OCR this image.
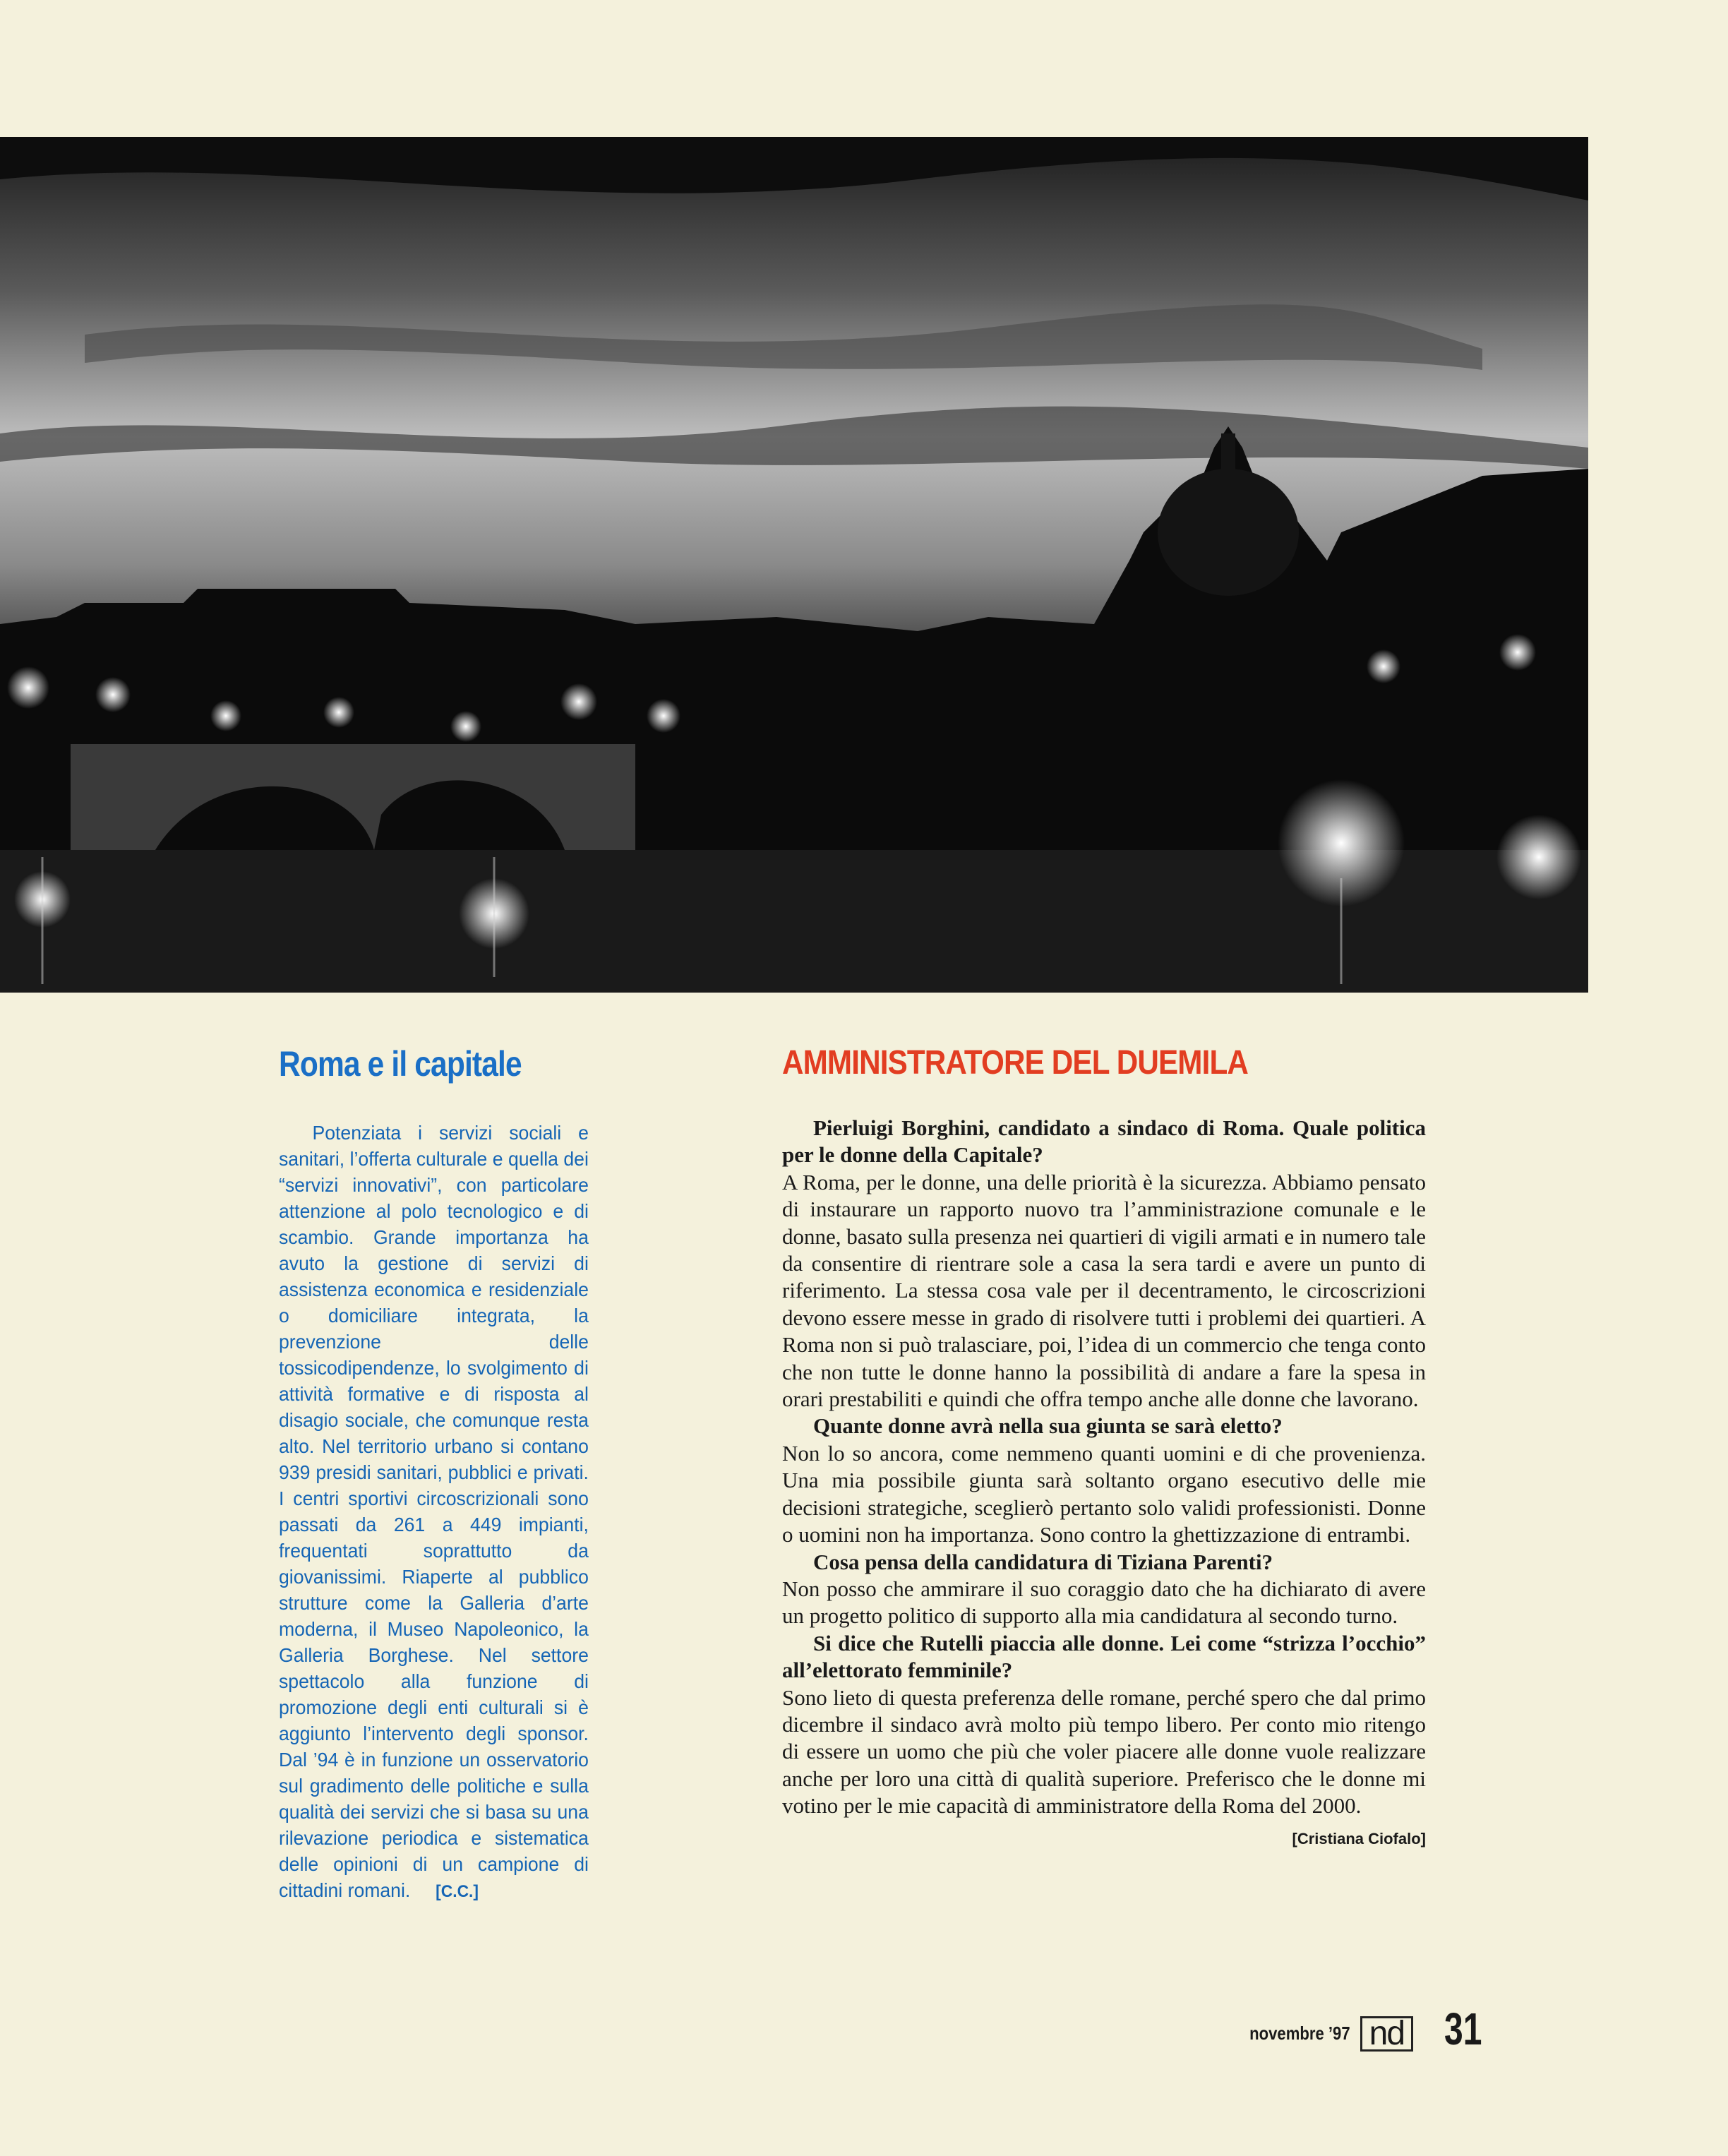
Roma e il capitale

Potenziata i servizi sociali e sanitari, l’offerta culturale e quella dei “servizi innovativi”, con particolare attenzione al polo tecnologico e di scambio. Grande importanza ha avuto la gestione di servizi di assistenza economica e residenziale o domiciliare integrata, la prevenzione delle tossicodipendenze, lo svolgimento di attività formative e di risposta al disagio sociale, che comunque resta alto. Nel territorio urbano si contano 939 presidi sanitari, pubblici e privati. I centri sportivi circoscrizionali sono passati da 261 a 449 impianti, frequentati soprattutto da giovanissimi. Riaperte al pubblico strutture come la Galleria d’arte moderna, il Museo Napoleonico, la Galleria Borghese. Nel settore spettacolo alla funzione di promozione degli enti culturali si è aggiunto l’intervento degli sponsor. Dal ’94 è in funzione un osservatorio sul gradimento delle politiche e sulla qualità dei servizi che si basa su una rilevazione periodica e sistematica delle opinioni di un campione di cittadini romani. [C.C.]

AMMINISTRATORE DEL DUEMILA

Pierluigi Borghini, candidato a sindaco di Roma. Quale politica per le donne della Capitale?

A Roma, per le donne, una delle priorità è la sicurezza. Abbiamo pensato di instaurare un rapporto nuovo tra l’amministrazione comunale e le donne, basato sulla presenza nei quartieri di vigili armati e in numero tale da consentire di rientrare sole a casa la sera tardi e avere un punto di riferimento. La stessa cosa vale per il decentramento, le circoscrizioni devono essere messe in grado di risolvere tutti i problemi dei quartieri. A Roma non si può tralasciare, poi, l’idea di un commercio che tenga conto che non tutte le donne hanno la possibilità di andare a fare la spesa in orari prestabiliti e quindi che offra tempo anche alle donne che lavorano.

Quante donne avrà nella sua giunta se sarà eletto?

Non lo so ancora, come nemmeno quanti uomini e di che provenienza. Una mia possibile giunta sarà soltanto organo esecutivo delle mie decisioni strategiche, sceglierò pertanto solo validi professionisti. Donne o uomini non ha importanza. Sono contro la ghettizzazione di entrambi.

Cosa pensa della candidatura di Tiziana Parenti?

Non posso che ammirare il suo coraggio dato che ha dichiarato di avere un progetto politico di supporto alla mia candidatura al secondo turno.

Si dice che Rutelli piaccia alle donne. Lei come “strizza l’occhio” all’elettorato femminile?

Sono lieto di questa preferenza delle romane, perché spero che dal primo dicembre il sindaco avrà molto più tempo libero. Per conto mio ritengo di essere un uomo che più che voler piacere alle donne vuole realizzare anche per loro una città di qualità superiore. Preferisco che le donne mi votino per le mie capacità di amministratore della Roma del 2000.
[Cristiana Ciofalo]

novembre ’97 nd 31
